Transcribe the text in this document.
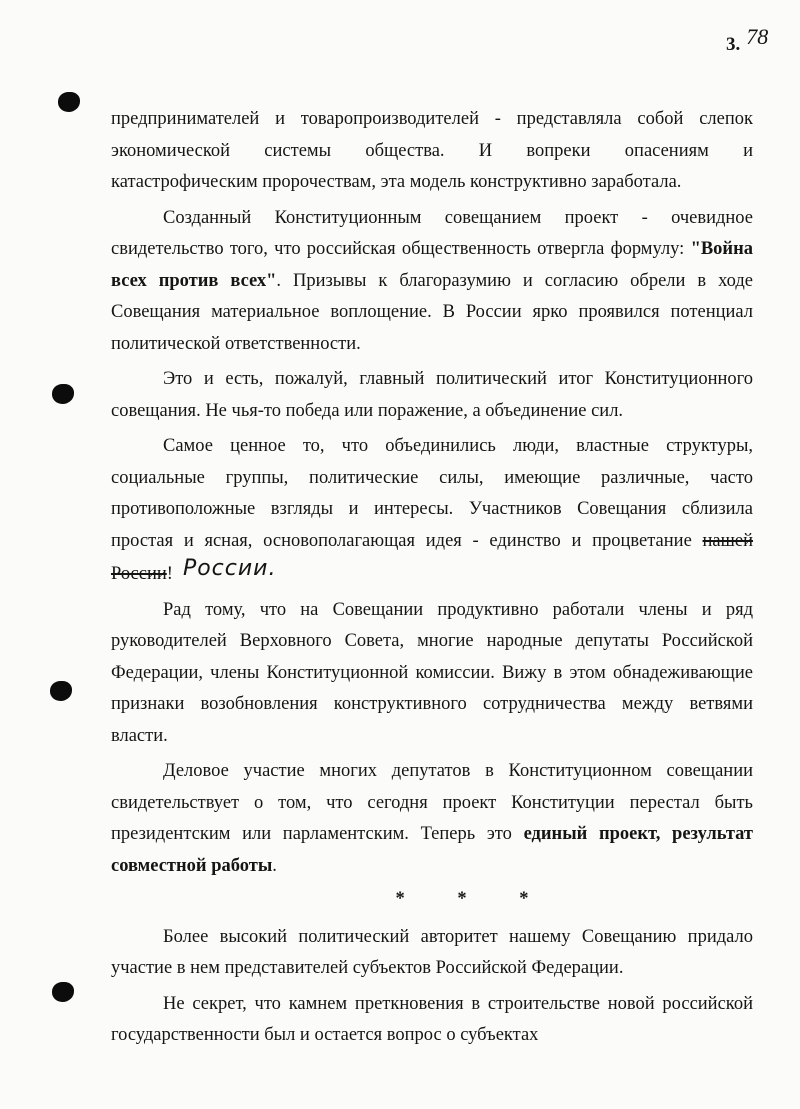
3. 78

предпринимателей и товаропроизводителей - представляла собой слепок

экономической системы общества. И вопреки опасениям и

катастрофическим пророчествам, эта модель конструктивно заработала.

Созданный Конституционным совещанием проект - очевидное свидетельство того, что российская общественность отвергла формулу: "Война всех против всех". Призывы к благоразумию и согласию обрели в ходе Совещания материальное воплощение. В России ярко проявился потенциал политической ответственности.

Это и есть, пожалуй, главный политический итог Конституционного совещания. Не чья-то победа или поражение, а объединение сил.

Самое ценное то, что объединились люди, властные структуры, социальные группы, политические силы, имеющие различные, часто противоположные взгляды и интересы. Участников Совещания сблизила простая и ясная, основополагающая идея - единство и процветание нашей России! России.

Рад тому, что на Совещании продуктивно работали члены и ряд руководителей Верховного Совета, многие народные депутаты Российской Федерации, члены Конституционной комиссии. Вижу в этом обнадеживающие признаки возобновления конструктивного сотрудничества между ветвями власти.

Деловое участие многих депутатов в Конституционном совещании свидетельствует о том, что сегодня проект Конституции перестал быть президентским или парламентским. Теперь это единый проект, результат совместной работы.

* * *

Более высокий политический авторитет нашему Совещанию придало участие в нем представителей субъектов Российской Федерации.

Не секрет, что камнем преткновения в строительстве новой российской государственности был и остается вопрос о субъектах
